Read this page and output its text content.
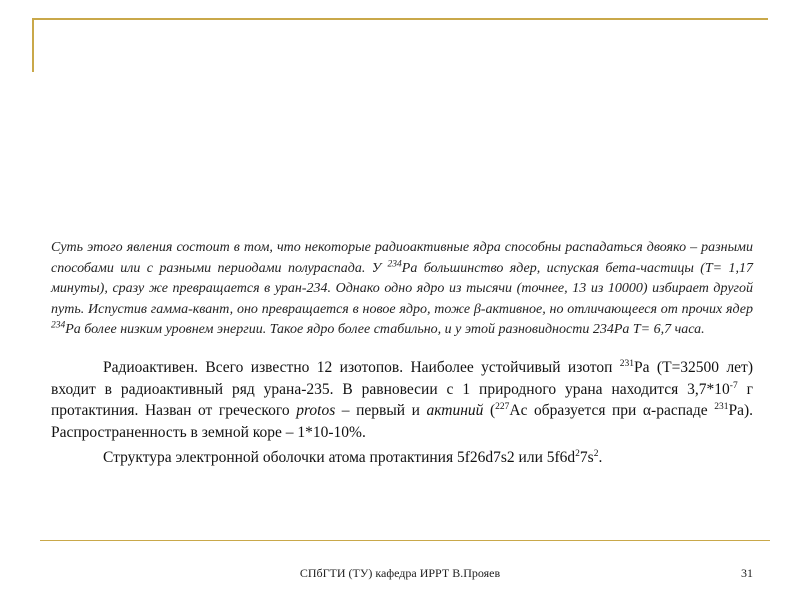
Суть этого явления состоит в том, что некоторые радиоактивные ядра способны распадаться двояко – разными способами или с разными периодами полураспада. У $^{234}$Pa большинство ядер, испуская бета-частицы (T= 1,17 минуты), сразу же превращается в уран-234. Однако одно ядро из тысячи (точнее, 13 из 10000) избирает другой путь. Испустив гамма-квант, оно превращается в новое ядро, тоже β-активное, но отличающееся от прочих ядер $^{234}$Pa более низким уровнем энергии. Такое ядро более стабильно, и у этой разновидности 234Pa T= 6,7 часа.
Радиоактивен. Всего известно 12 изотопов. Наиболее устойчивый изотоп $^{231}$Pa (T=32500 лет) входит в радиоактивный ряд урана-235. В равновесии с 1 природного урана находится $3,7*10^{-7}$ г протактиния. Назван от греческого protos – первый и актиний ($^{227}$Ac образуется при α-распаде $^{231}$Pa). Распространенность в земной коре – 1*10-10%.
Структура электронной оболочки атома протактиния 5f26d7s2 или $5f6d^27s^2$.
СПбГТИ (ТУ) кафедра ИРРТ В.Прояев	31
